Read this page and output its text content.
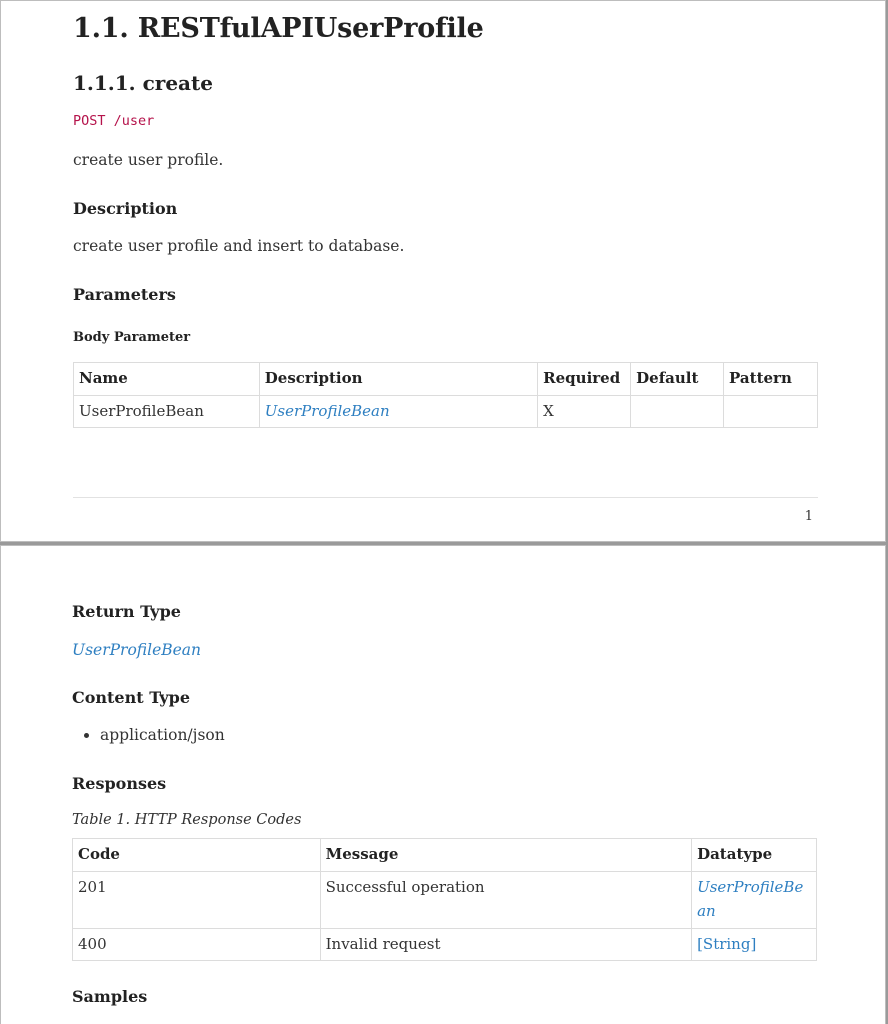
1.1. RESTfulAPIUserProfile
1.1.1. create
POST /user

create user profile.

Description

create user profile and insert to database.

Parameters
Body Parameter
Name	Description	Required	Default	Pattern
UserProfileBean	UserProfileBean	X		
1
Return Type
UserProfileBean
Content Type
• application/json
Responses
Table 1. HTTP Response Codes
Code	Message	Datatype
201	Successful operation	UserProfileBean
400	Invalid request	[String]
Samples
